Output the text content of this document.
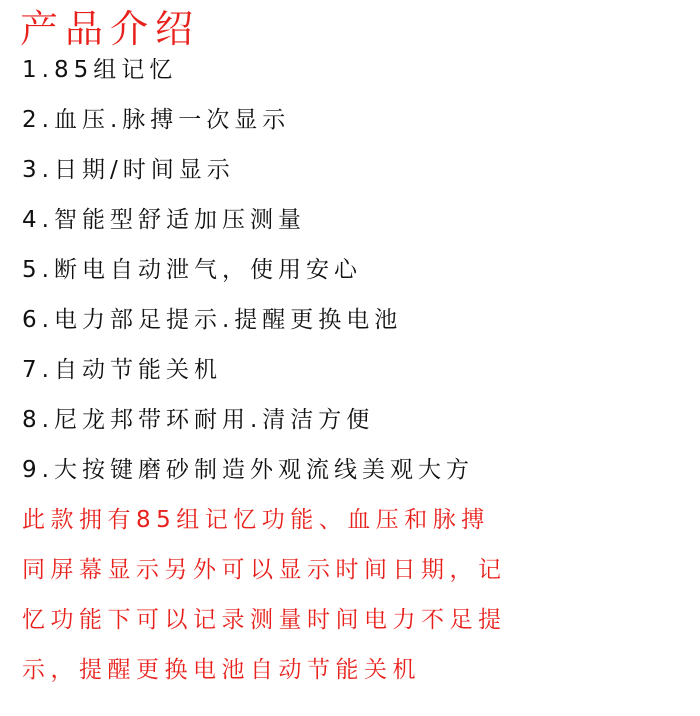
产品介绍
1.85组记忆
2.血压.脉搏一次显示
3.日期/时间显示
4.智能型舒适加压测量
5.断电自动泄气，使用安心
6.电力部足提示.提醒更换电池
7.自动节能关机
8.尼龙邦带环耐用.清洁方便
9.大按键磨砂制造外观流线美观大方
此款拥有85组记忆功能、血压和脉搏
同屏幕显示另外可以显示时间日期，记
忆功能下可以记录测量时间电力不足提
示，提醒更换电池自动节能关机
